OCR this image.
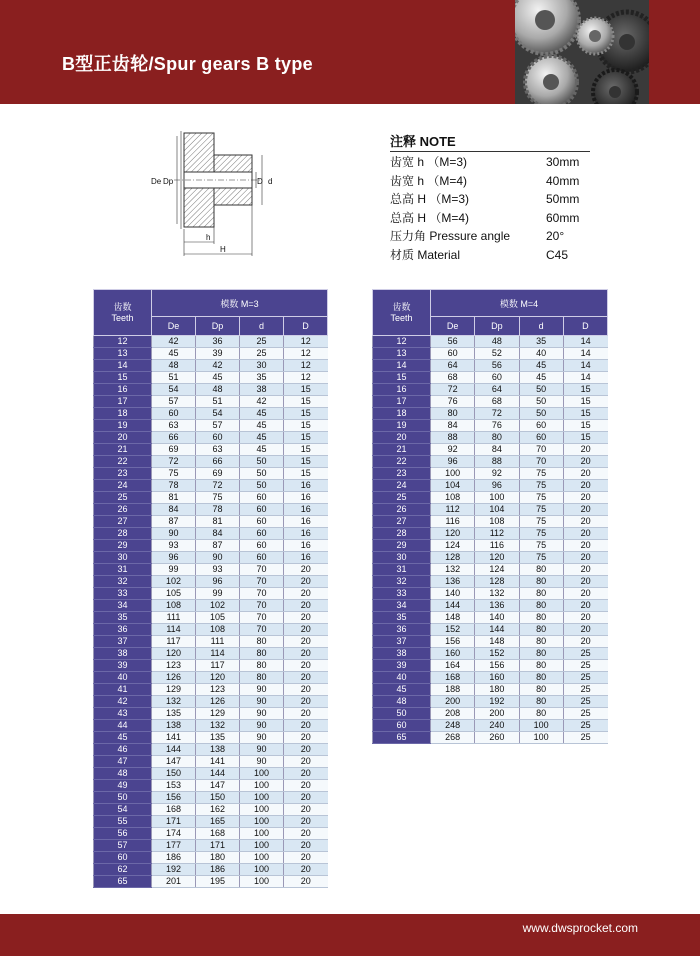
B型正齿轮/Spur gears B type
De Dp	D d
h
H
注释 NOTE
齿宽 h （M=3)	30mm
齿宽 h （M=4)	40mm
总高 H （M=3)	50mm
总高 H （M=4)	60mm
压力角 Pressure angle	20°
材质 Material	C45
齿数
Teeth	模数 M=3			
	De	Dp	d	D
12	42	36	25	12
13	45	39	25	12
14	48	42	30	12
15	51	45	35	12
16	54	48	38	15
17	57	51	42	15
18	60	54	45	15
19	63	57	45	15
20	66	60	45	15
21	69	63	45	15
22	72	66	50	15
23	75	69	50	15
24	78	72	50	16
25	81	75	60	16
26	84	78	60	16
27	87	81	60	16
28	90	84	60	16
29	93	87	60	16
30	96	90	60	16
31	99	93	70	20
32	102	96	70	20
33	105	99	70	20
34	108	102	70	20
35	111	105	70	20
36	114	108	70	20
37	117	111	80	20
38	120	114	80	20
39	123	117	80	20
40	126	120	80	20
41	129	123	90	20
42	132	126	90	20
43	135	129	90	20
44	138	132	90	20
45	141	135	90	20
46	144	138	90	20
47	147	141	90	20
48	150	144	100	20
49	153	147	100	20
50	156	150	100	20
54	168	162	100	20
55	171	165	100	20
56	174	168	100	20
57	177	171	100	20
60	186	180	100	20
62	192	186	100	20
65	201	195	100	20
齿数
Teeth	模数 M=4			
	De	Dp	d	D
12	56	48	35	14
13	60	52	40	14
14	64	56	45	14
15	68	60	45	14
16	72	64	50	15
17	76	68	50	15
18	80	72	50	15
19	84	76	60	15
20	88	80	60	15
21	92	84	70	20
22	96	88	70	20
23	100	92	75	20
24	104	96	75	20
25	108	100	75	20
26	112	104	75	20
27	116	108	75	20
28	120	112	75	20
29	124	116	75	20
30	128	120	75	20
31	132	124	80	20
32	136	128	80	20
33	140	132	80	20
34	144	136	80	20
35	148	140	80	20
36	152	144	80	20
37	156	148	80	20
38	160	152	80	25
39	164	156	80	25
40	168	160	80	25
45	188	180	80	25
48	200	192	80	25
50	208	200	80	25
60	248	240	100	25
65	268	260	100	25
www.dwsprocket.com
